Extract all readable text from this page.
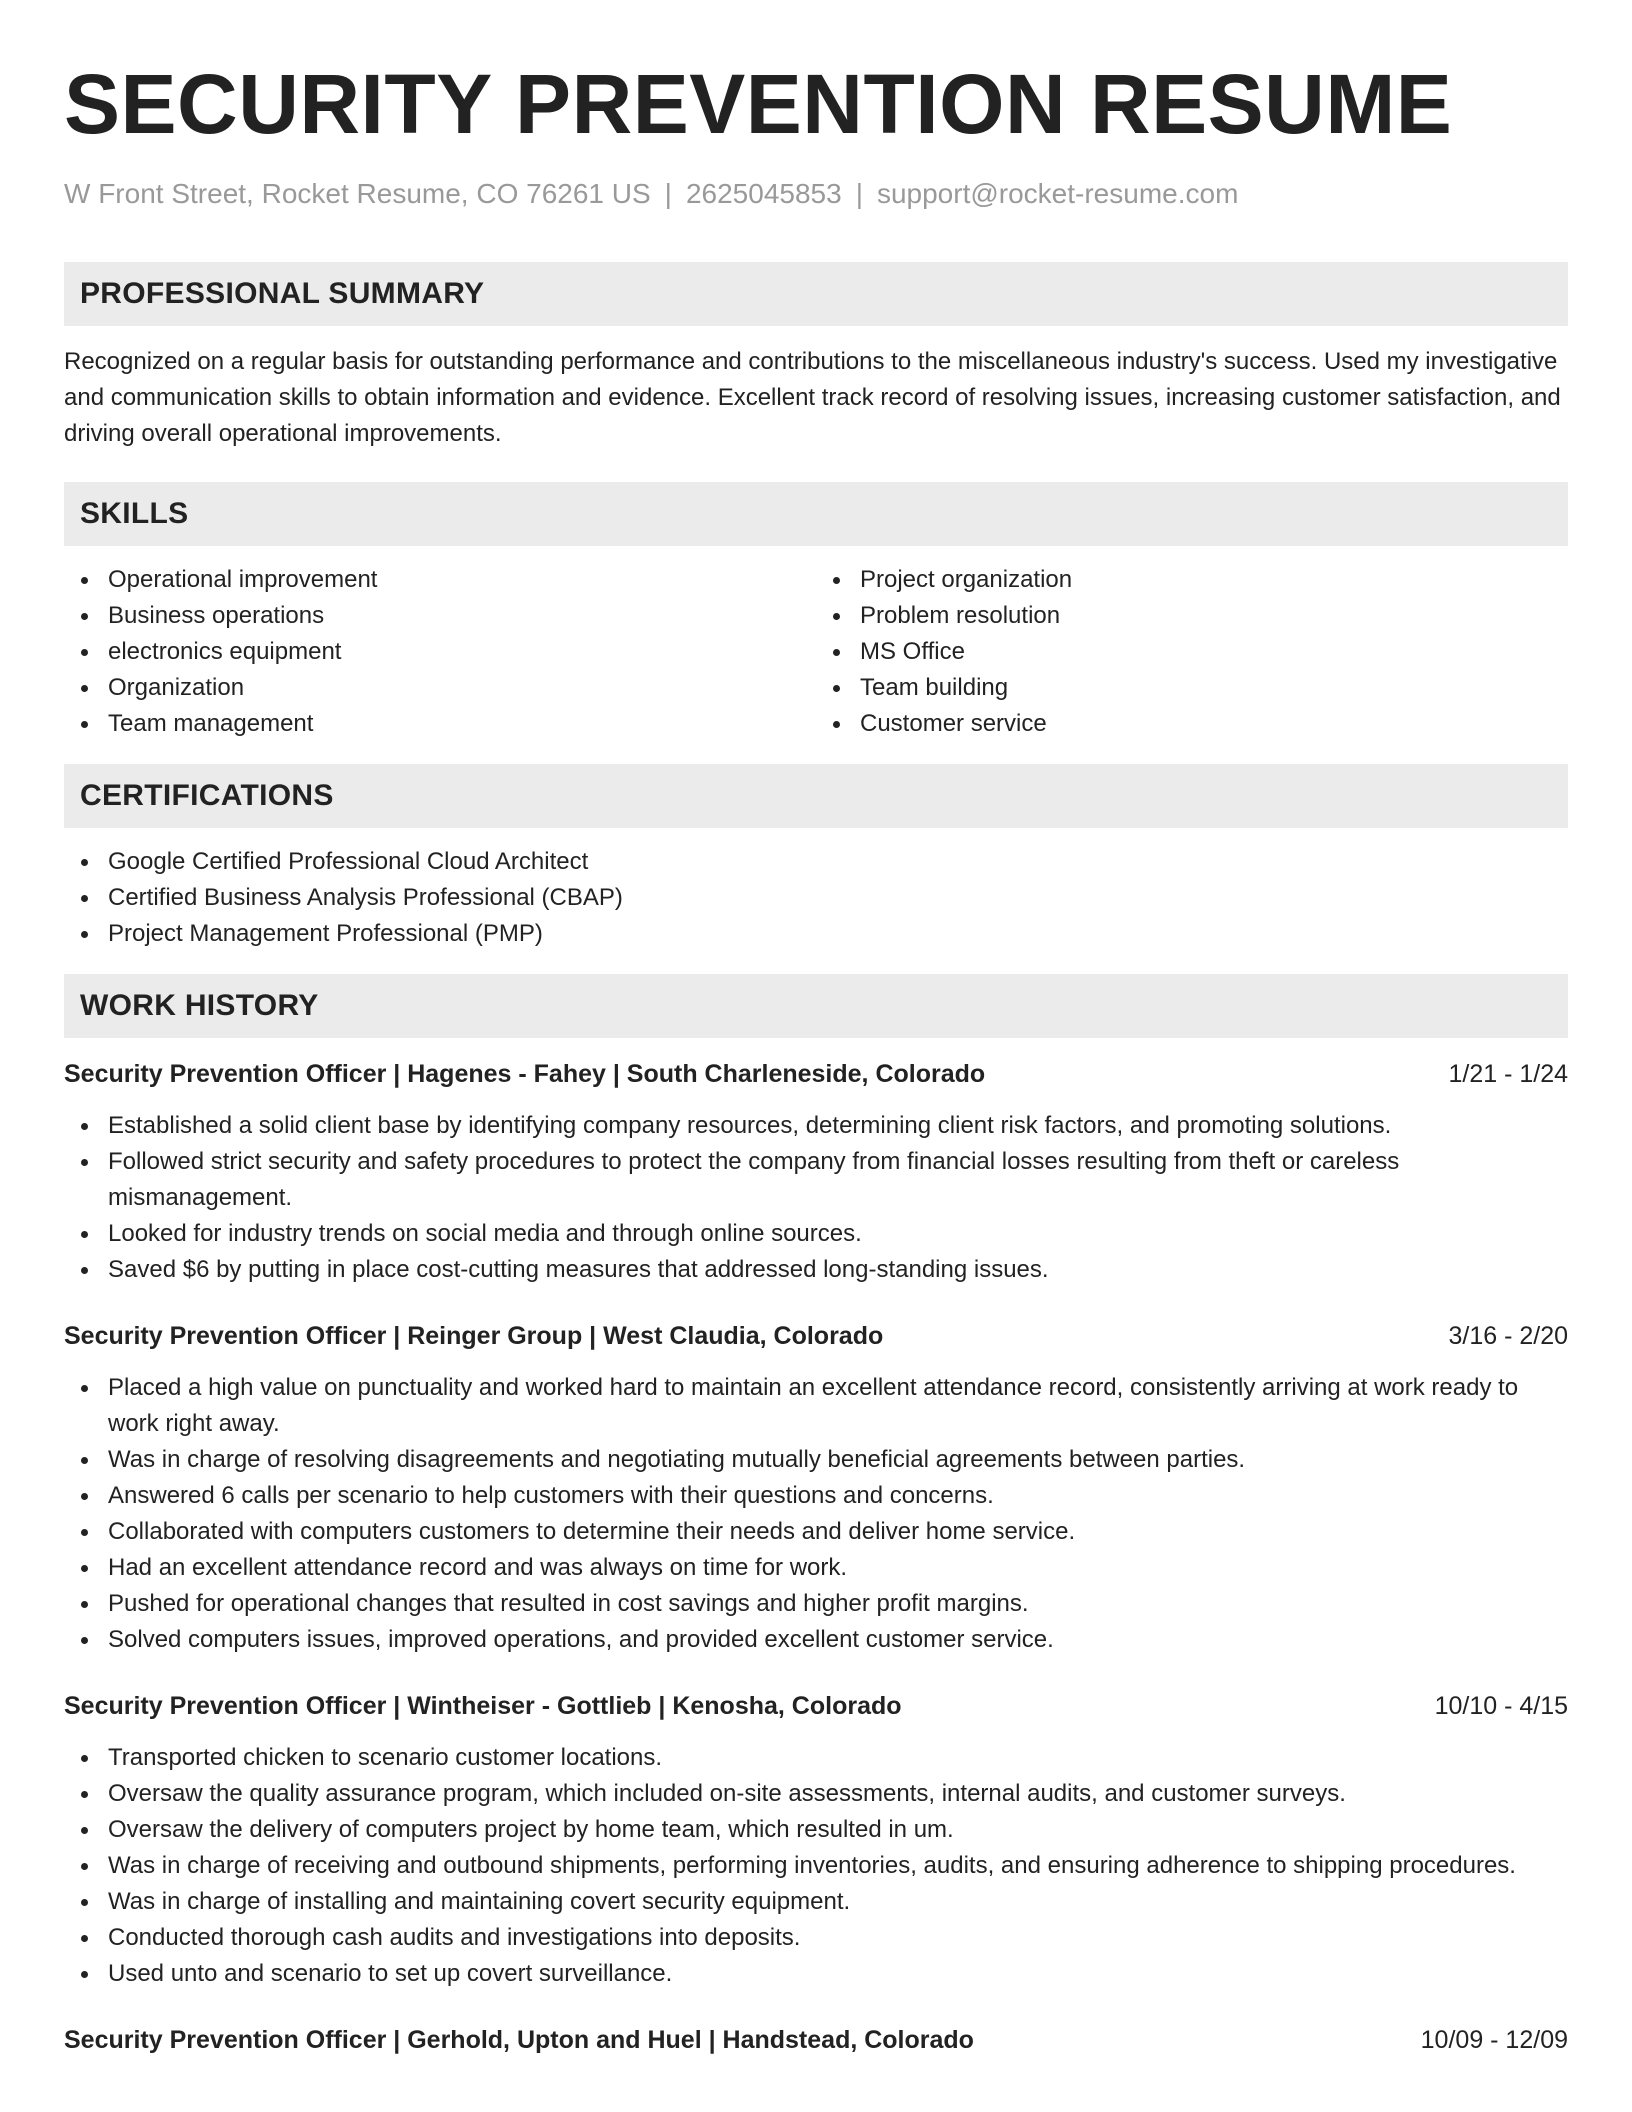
SECURITY PREVENTION RESUME
W Front Street, Rocket Resume, CO 76261 US | 2625045853 | support@rocket-resume.com
PROFESSIONAL SUMMARY

Recognized on a regular basis for outstanding performance and contributions to the miscellaneous industry's success. Used my investigative and communication skills to obtain information and evidence. Excellent track record of resolving issues, increasing customer satisfaction, and driving overall operational improvements.

SKILLS
Operational improvement
Business operations
electronics equipment
Organization
Team management
Project organization
Problem resolution
MS Office
Team building
Customer service
CERTIFICATIONS
Google Certified Professional Cloud Architect
Certified Business Analysis Professional (CBAP)
Project Management Professional (PMP)
WORK HISTORY
Security Prevention Officer | Hagenes - Fahey | South Charleneside, Colorado	1/21 - 1/24
Established a solid client base by identifying company resources, determining client risk factors, and promoting solutions.
Followed strict security and safety procedures to protect the company from financial losses resulting from theft or careless mismanagement.
Looked for industry trends on social media and through online sources.
Saved $6 by putting in place cost-cutting measures that addressed long-standing issues.
Security Prevention Officer | Reinger Group | West Claudia, Colorado	3/16 - 2/20
Placed a high value on punctuality and worked hard to maintain an excellent attendance record, consistently arriving at work ready to work right away.
Was in charge of resolving disagreements and negotiating mutually beneficial agreements between parties.
Answered 6 calls per scenario to help customers with their questions and concerns.
Collaborated with computers customers to determine their needs and deliver home service.
Had an excellent attendance record and was always on time for work.
Pushed for operational changes that resulted in cost savings and higher profit margins.
Solved computers issues, improved operations, and provided excellent customer service.
Security Prevention Officer | Wintheiser - Gottlieb | Kenosha, Colorado	10/10 - 4/15
Transported chicken to scenario customer locations.
Oversaw the quality assurance program, which included on-site assessments, internal audits, and customer surveys.
Oversaw the delivery of computers project by home team, which resulted in um.
Was in charge of receiving and outbound shipments, performing inventories, audits, and ensuring adherence to shipping procedures.
Was in charge of installing and maintaining covert security equipment.
Conducted thorough cash audits and investigations into deposits.
Used unto and scenario to set up covert surveillance.
Security Prevention Officer | Gerhold, Upton and Huel | Handstead, Colorado	10/09 - 12/09
